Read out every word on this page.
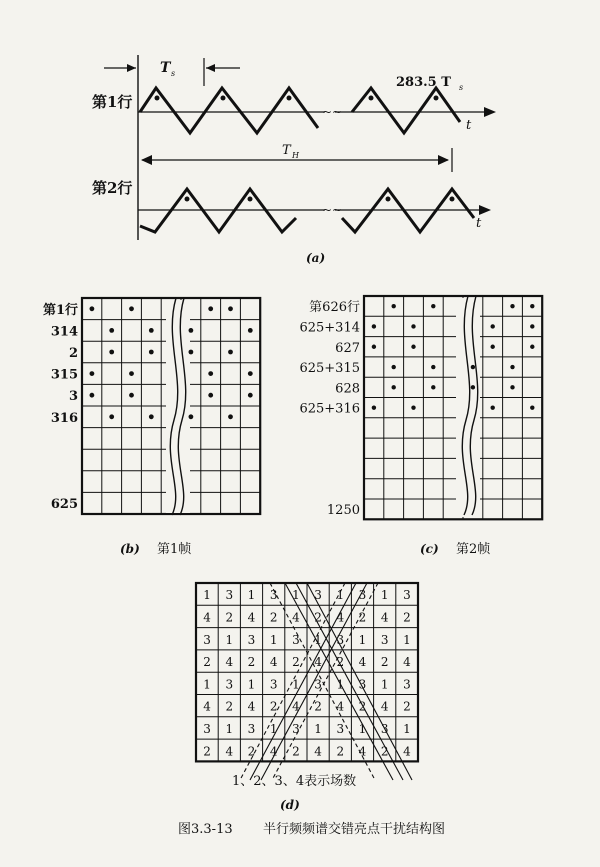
第1行
第2行
T s
283.5 T s
t
~~
T H
t
~~
(a)
第1行
314
2
315
3
316
625
(b) 第1帧
第626行
625+314
627
625+315
628
625+316
1250
(c) 第2帧
1 3 1 3 1 3 1 3 1 3
4 2 4 2 4 2 4 2 4 2
3 1 3 1 3 1 3 1 3 1
2 4 2 4 2 4 2 4 2 4
1 3 1 3 1 3 1 3 1 3
4 2 4 2 4 2 4 2 4 2
3 1 3 1 3 1 3 1 3 1
2 4 2 4 2 4 2 4 2 4
1、2、3、4表示场数
(d)
图3.3-13 半行频频谱交错亮点干扰结构图
